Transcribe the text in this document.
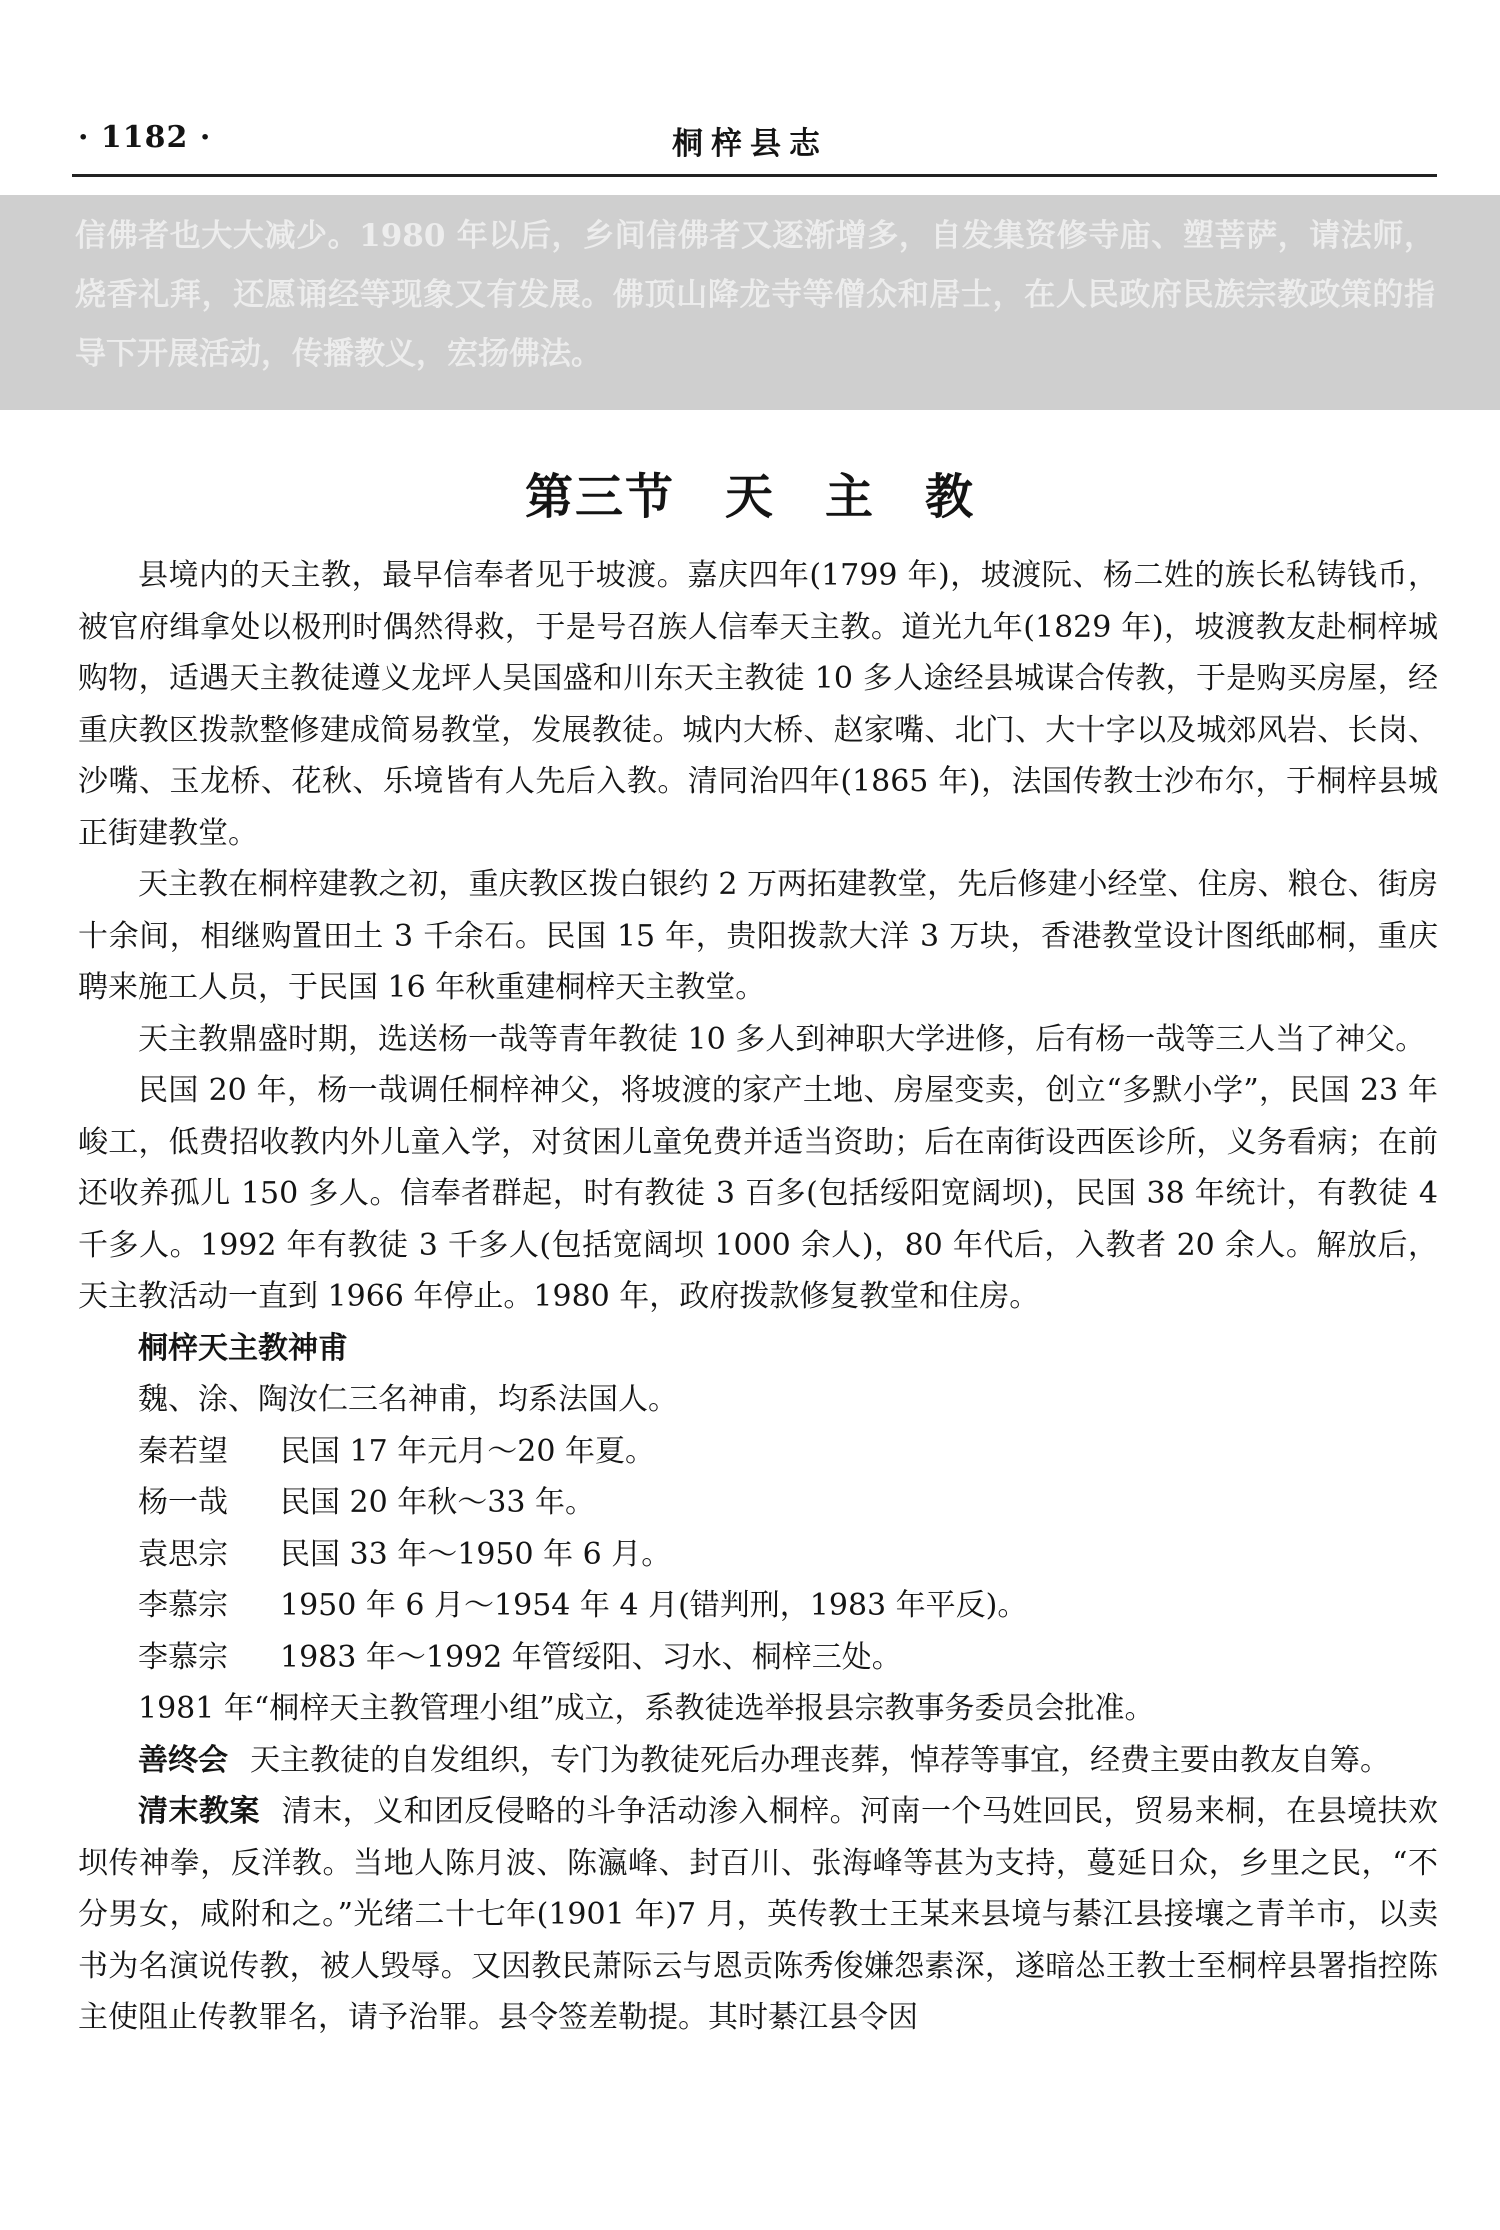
· 1182 ·	桐梓县志

信佛者也大大减少。1980 年以后，乡间信佛者又逐渐增多，自发集资修寺庙、塑菩萨，请法师，烧香礼拜，还愿诵经等现象又有发展。佛顶山降龙寺等僧众和居士，在人民政府民族宗教政策的指导下开展活动，传播教义，宏扬佛法。

第三节　天　主　教

县境内的天主教，最早信奉者见于坡渡。嘉庆四年(1799 年)，坡渡阮、杨二姓的族长私铸钱币，被官府缉拿处以极刑时偶然得救，于是号召族人信奉天主教。道光九年(1829 年)，坡渡教友赴桐梓城购物，适遇天主教徒遵义龙坪人吴国盛和川东天主教徒 10 多人途经县城谋合传教，于是购买房屋，经重庆教区拨款整修建成简易教堂，发展教徒。城内大桥、赵家嘴、北门、大十字以及城郊风岩、长岗、沙嘴、玉龙桥、花秋、乐境皆有人先后入教。清同治四年(1865 年)，法国传教士沙布尔，于桐梓县城正街建教堂。

天主教在桐梓建教之初，重庆教区拨白银约 2 万两拓建教堂，先后修建小经堂、住房、粮仓、街房十余间，相继购置田土 3 千余石。民国 15 年，贵阳拨款大洋 3 万块，香港教堂设计图纸邮桐，重庆聘来施工人员，于民国 16 年秋重建桐梓天主教堂。

天主教鼎盛时期，选送杨一哉等青年教徒 10 多人到神职大学进修，后有杨一哉等三人当了神父。

民国 20 年，杨一哉调任桐梓神父，将坡渡的家产土地、房屋变卖，创立“多默小学”，民国 23 年峻工，低费招收教内外儿童入学，对贫困儿童免费并适当资助；后在南街设西医诊所，义务看病；在前还收养孤儿 150 多人。信奉者群起，时有教徒 3 百多(包括绥阳宽阔坝)，民国 38 年统计，有教徒 4 千多人。1992 年有教徒 3 千多人(包括宽阔坝 1000 余人)，80 年代后，入教者 20 余人。解放后，天主教活动一直到 1966 年停止。1980 年，政府拨款修复教堂和住房。

桐梓天主教神甫

魏、涂、陶汝仁三名神甫，均系法国人。

秦若望 民国 17 年元月～20 年夏。

杨一哉 民国 20 年秋～33 年。

袁思宗 民国 33 年～1950 年 6 月。

李慕宗 1950 年 6 月～1954 年 4 月(错判刑，1983 年平反)。

李慕宗 1983 年～1992 年管绥阳、习水、桐梓三处。

1981 年“桐梓天主教管理小组”成立，系教徒选举报县宗教事务委员会批准。

善终会 天主教徒的自发组织，专门为教徒死后办理丧葬，悼荐等事宜，经费主要由教友自筹。

清末教案 清末，义和团反侵略的斗争活动渗入桐梓。河南一个马姓回民，贸易来桐，在县境扶欢坝传神拳，反洋教。当地人陈月波、陈瀛峰、封百川、张海峰等甚为支持，蔓延日众，乡里之民，“不分男女，咸附和之。”光绪二十七年(1901 年)7 月，英传教士王某来县境与綦江县接壤之青羊市，以卖书为名演说传教，被人毁辱。又因教民萧际云与恩贡陈秀俊嫌怨素深，遂暗怂王教士至桐梓县署指控陈主使阻止传教罪名，请予治罪。县令签差勒提。其时綦江县令因
